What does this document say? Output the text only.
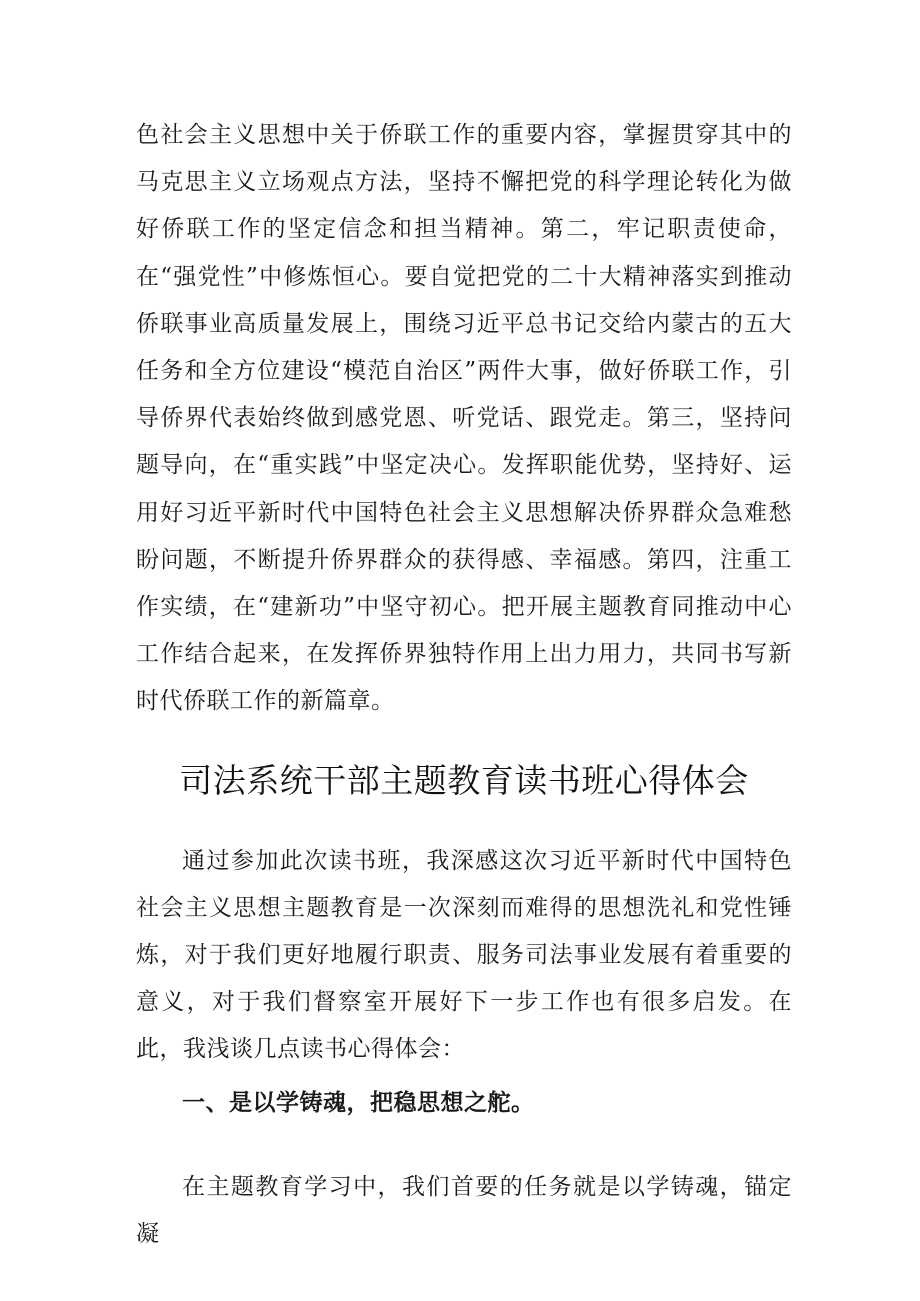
色社会主义思想中关于侨联工作的重要内容，掌握贯穿其中的马克思主义立场观点方法，坚持不懈把党的科学理论转化为做好侨联工作的坚定信念和担当精神。第二，牢记职责使命，在“强党性”中修炼恒心。要自觉把党的二十大精神落实到推动侨联事业高质量发展上，围绕习近平总书记交给内蒙古的五大任务和全方位建设“模范自治区”两件大事，做好侨联工作，引导侨界代表始终做到感党恩、听党话、跟党走。第三，坚持问题导向，在“重实践”中坚定决心。发挥职能优势，坚持好、运用好习近平新时代中国特色社会主义思想解决侨界群众急难愁盼问题，不断提升侨界群众的获得感、幸福感。第四，注重工作实绩，在“建新功”中坚守初心。把开展主题教育同推动中心工作结合起来，在发挥侨界独特作用上出力用力，共同书写新时代侨联工作的新篇章。

司法系统干部主题教育读书班心得体会

通过参加此次读书班，我深感这次习近平新时代中国特色社会主义思想主题教育是一次深刻而难得的思想洗礼和党性锤炼，对于我们更好地履行职责、服务司法事业发展有着重要的意义，对于我们督察室开展好下一步工作也有很多启发。在此，我浅谈几点读书心得体会：

一、是以学铸魂，把稳思想之舵。

在主题教育学习中，我们首要的任务就是以学铸魂，锚定凝
